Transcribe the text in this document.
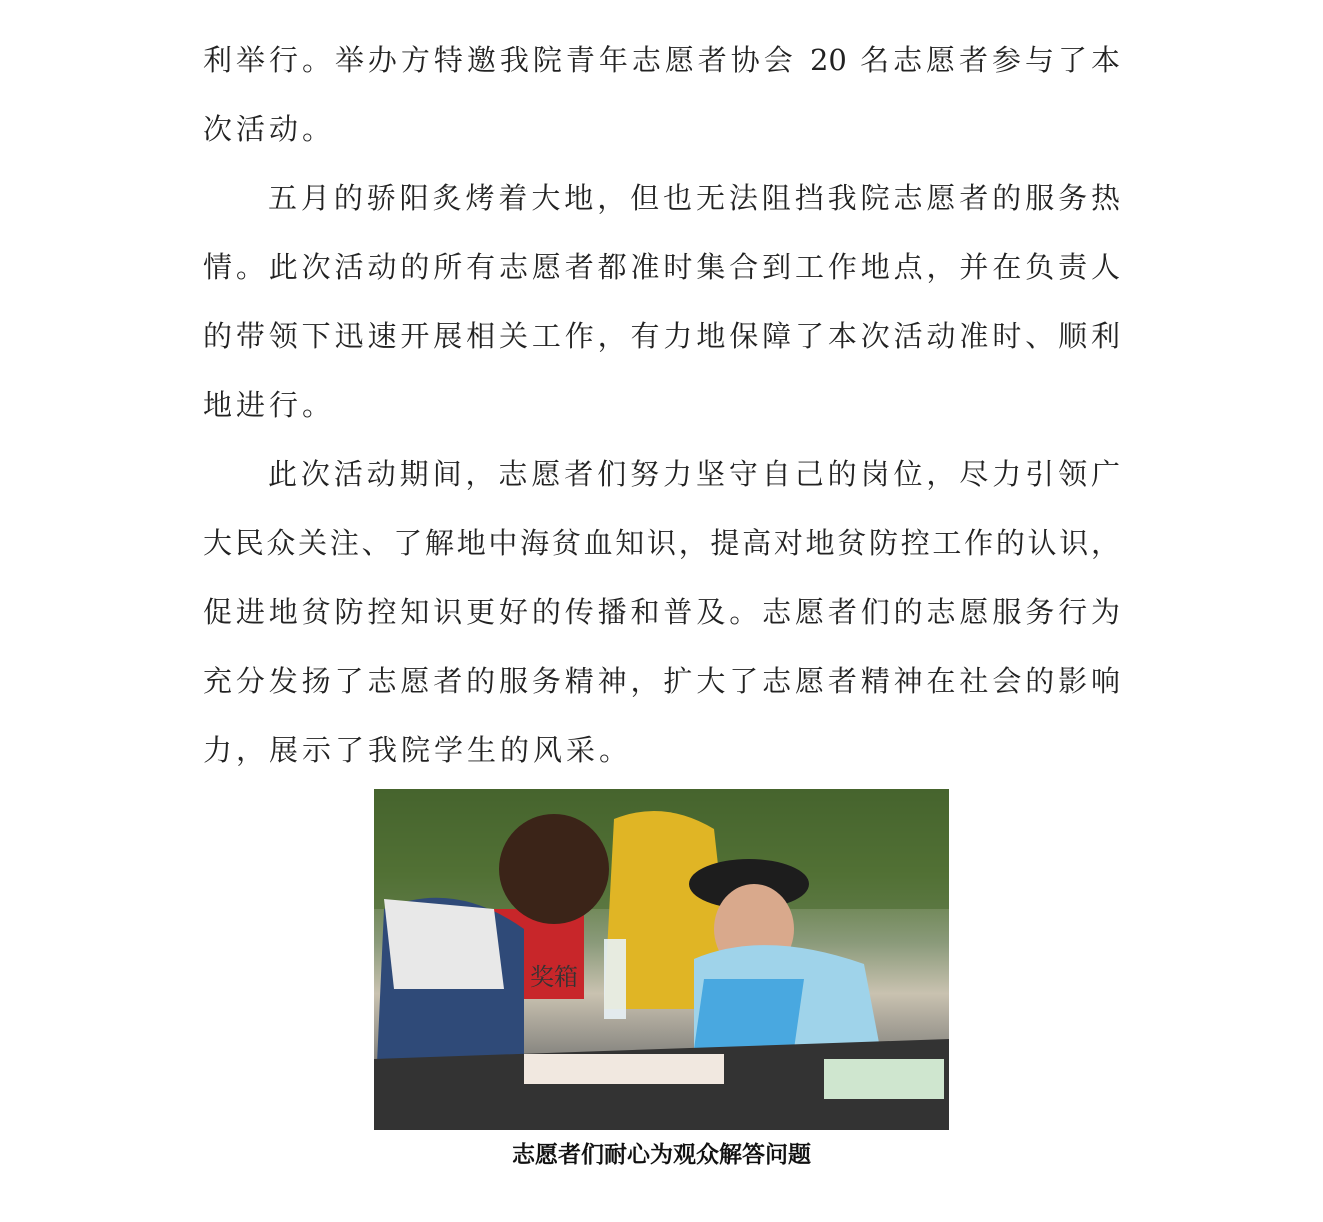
利举行。举办方特邀我院青年志愿者协会 20 名志愿者参与了本
次活动。
五月的骄阳炙烤着大地，但也无法阻挡我院志愿者的服务热
情。此次活动的所有志愿者都准时集合到工作地点，并在负责人
的带领下迅速开展相关工作，有力地保障了本次活动准时、顺利
地进行。
此次活动期间，志愿者们努力坚守自己的岗位，尽力引领广
大民众关注、了解地中海贫血知识，提高对地贫防控工作的认识，
促进地贫防控知识更好的传播和普及。志愿者们的志愿服务行为
充分发扬了志愿者的服务精神，扩大了志愿者精神在社会的影响
力，展示了我院学生的风采。
奖箱
志愿者们耐心为观众解答问题
